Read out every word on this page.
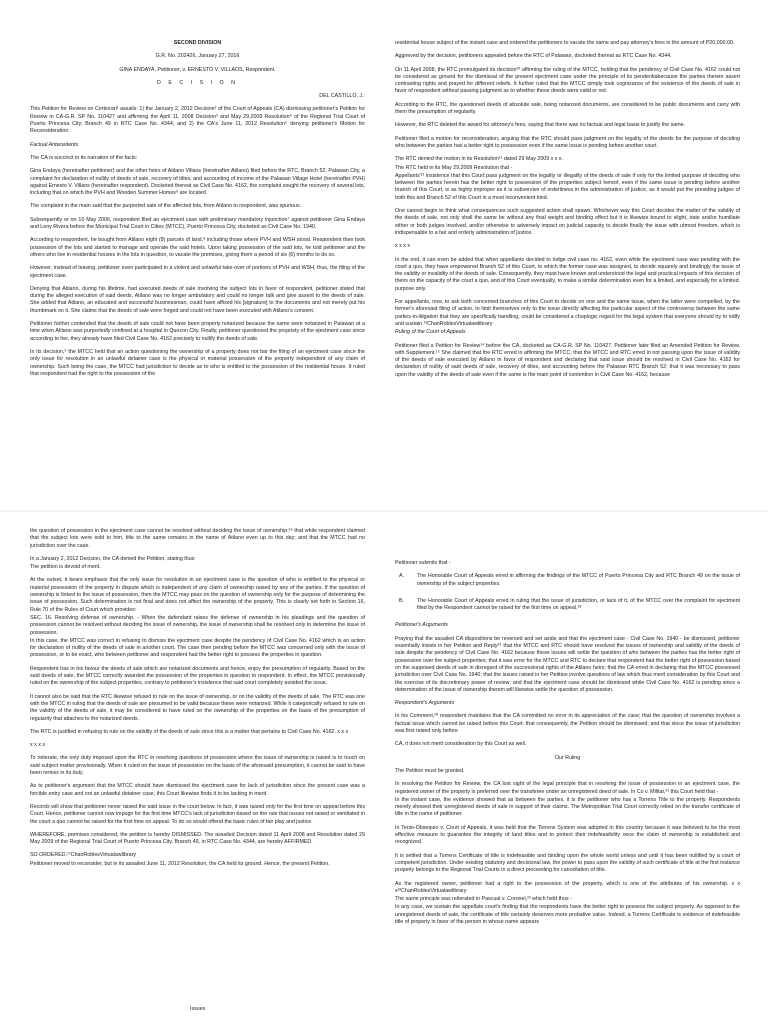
SECOND DIVISION

G.R. No. 202426, January 27, 2016

GINA ENDAYA, Petitioner, v. ERNESTO V. VILLAOS, Respondent.

D E C I S I O N

DEL CASTILLO, J.:

This Petition for Review on Certiorari¹ assails: 1) the January 2, 2012 Decision² of the Court of Appeals (CA) dismissing petitioner's Petition for Review in CA-G.R. SP No. 110427 and affirming the April 11, 2008 Decision³ and May 29,2009 Resolution⁴ of the Regional Trial Court of Puerto Princesa City, Branch 49 in RTC Case No. 4344; and 2) the CA's June 11, 2012 Resolution⁵ denying petitioner's Motion for Reconsideration.

Factual Antecedents

The CA is succinct in its narration of the facts:

Gina Endaya (hereinafter petitioner) and the other heirs of Atilano Villaos (hereinafter Atilano) filed before the RTC, Branch 52, Palawan City, a complaint for declaration of nullity of deeds of sale, recovery of titles, and accounting of income of the Palawan Village Hotel (hereinafter PVH) against Ernesto V. Villaos (hereinafter respondent). Docketed thereat as Civil Case No. 4162, the complaint sought the recovery of several lots, including that on which the PVH and Wooden Summer Homes⁶ are located.

The complaint in the main said that the purported sale of the affected lots, from Atilano to respondent, was spurious.

Subsequently or on 10 May 2006, respondent filed an ejectment case with preliminary mandatory injunction⁷ against petitioner Gina Endaya and Leny Rivera before the Municipal Trial Court in Cities (MTCC), Puerto Princesa City, docketed as Civil Case No. 1940.

According to respondent, he bought from Atilano eight (8) parcels of land,⁸ including those where PVH and WSH stood. Respondent then took possession of the lots and started to manage and operate the said hotels. Upon taking possession of the said lots, he told petitioner and the others who live in residential houses in the lots in question, to vacate the premises, giving them a period of six (6) months to do so.

However, instead of leaving, petitioner even participated in a violent and unlawful take-over of portions of PVH and WSH, thus, the filing of the ejectment case.

Denying that Atilano, during his lifetime, had executed deeds of sale involving the subject lots in favor of respondent, petitioner stated that during the alleged execution of said deeds, Atilano was no longer ambulatory and could no longer talk and give assent to the deeds of sale. She added that Atilano, an educated and successful businessman, could have affixed his [signature] to the documents and not merely put his thumbmark on it. She claims that the deeds of sale were forged and could not have been executed with Atilano's consent.

Petitioner further contended that the deeds of sale could not have been properly notarized because the same were notarized in Palawan at a time when Atilano was purportedly confined at a hospital in Quezon City. Finally, petitioner questioned the propriety of the ejectment case since according to her, they already have filed Civil Case No. 4162 precisely to nullify the deeds of sale.

In its decision,⁹ the MTCC held that an action questioning the ownership of a property does not bar the filing of an ejectment case since the only issue for resolution in an unlawful detainer case is the physical or material possession of the property independent of any claim of ownership. Such being the case, the MTCC had jurisdiction to decide as to who is entitled to the possession of the residential house. It ruled that respondent had the right to the possession of the

residential house subject of the instant case and ordered the petitioners to vacate the same and pay attorney's fees in the amount of P20,000.00.

Aggrieved by the decision, petitioners appealed before the RTC of Palawan, docketed thereat as RTC Case No. 4344.

On 11 April 2008, the RTC promulgated its decision¹⁰ affirming the ruling of the MTCC, holding that the pendency of Civil Case No. 4162 could not be considered as ground for the dismissal of the present ejectment case under the principle of lis pendentiabecause the parties therein assert contrasting rights and prayed for different reliefs. It further ruled that the MTCC simply took cognizance of the existence of the deeds of sale in favor of respondent without passing judgment as to whether these deeds were valid or not.

According to the RTC, the questioned deeds of absolute sale, being notarized documents, are considered to be public documents and carry with them the presumption of regularity.

However, the RTC deleted the award for attorney's fees, saying that there was no factual and legal basis to justify the same.

Petitioner filed a motion for reconsideration, arguing that the RTC should pass judgment on the legality of the deeds for the purpose of deciding who between the parties has a better right to possession even if the same issue is pending before another court.

The RTC denied the motion in its Resolution¹¹ dated 29 May 2009 x x x.

The RTC held in its May 29,2009 Resolution that -

Appellants'¹² insistence that this Court pass judgment on the legality or illegality of the deeds of sale if only for the limited purpose of deciding who between the parties herein has the better right to possession of the properties subject hereof, even if the same issue is pending before another branch of this Court, is as highly improper as it is subversive of orderliness in the administration of justice, as it would put the presiding judges of both this and Branch 52 of this Court in a most inconvenient bind.

One cannot begin to think what consequences such suggested action shall spawn. Whichever way this Court decides the matter of the validity of the deeds of sale, not only shall the same be without any final weight and binding effect but it is likewise bound to slight, irate and/or humiliate either or both judges involved, and/or otherwise to adversely impact on judicial capacity to decide finally the issue with utmost freedom, which is indispensable to a fair and orderly administration of justice.

x x x x

In the end, it can even be added that when appellants decided to lodge civil case no. 4162, even while the ejectment case was pending with the court a quo, they have empowered Branch 52 of this Court, to which the former case was assigned, to decide squarely and bindingly the issue of the validity or invalidity of the deeds of sale. Consequently, they must have known and understood the legal and practical impacts of this decision of theirs on the capacity of the court a quo, and of this Court eventually, to make a similar determination even for a limited, and especially for a limited, purpose only.

For appellants, now, to ask both concerned branches of this Court to decide on one and the same issue, when the latter were compelled, by the former's aforesaid filing of action, to limit themselves only to the issue directly affecting the particular aspect of the controversy between the same parties-in-litigation that they are specifically handling, could be considered a choplogic regard for the legal system that everyone should try to edify and sustain.¹³ChanRoblesVirtualawlibrary

Ruling of the Court of Appeals

Petitioner filed a Petition for Review¹⁴ before the CA, docketed as CA-G.R. SP No. 110427. Petitioner later filed an Amended Petition for Review, with Supplement.¹⁵ She claimed that the RTC erred in affirming the MTCC; that the MTCC and RTC erred in not passing upon the issue of validity of the deeds of sale executed by Atilano in favor of respondent and declaring that said issue should be resolved in Civil Case No. 4162 for declaration of nullity of said deeds of sale, recovery of titles, and accounting before the Palawan RTC Branch 52; that it was necessary to pass upon the validity of the deeds of sale even if the same is the main point of contention in Civil Case No. 4162, because

the question of possession in the ejectment case cannot be resolved without deciding the issue of ownership;¹⁶ that while respondent claimed that the subject lots were sold to him, title to the same remains in the name of Atilano even up to this day; and that the MTCC had no jurisdiction over the case.

In a January 2, 2012 Decision, the CA denied the Petition, stating thus:

The petition is devoid of merit.

At the outset, it bears emphasis that the only issue for resolution in an ejectment case is the question of who is entitled to the physical or material possession of the property in dispute which is independent of any claim of ownership raised by any of the parties. If the question of ownership is linked to the issue of possession, then the MTCC may pass on the question of ownership only for the purpose of determining the issue of possession. Such determination is not final and does not affect the ownership of the property. This is clearly set forth in Section 16, Rule 70 of the Rules of Court which provides:

SEC. 16. Resolving defense of ownership. - When the defendant raises the defense of ownership in his pleadings and the question of possession cannot be resolved without deciding the issue of ownership, the issue of ownership shall be resolved only to determine the issue of possession.

In this case, the MTCC was correct in refusing to dismiss the ejectment case despite the pendency of Civil Case No. 4162 which is an action for declaration of nullity of the deeds of sale in another court. The case then pending before the MTCC was concerned only with the issue of possession, or to be exact, who between petitioner and respondent had the better right to possess the properties in question.

Respondent has in his favour the deeds of sale which are notarized documents and hence, enjoy the presumption of regularity. Based on the said deeds of sale, the MTCC correctly awarded the possession of the properties in question to respondent. In effect, the MTCC provisionally ruled on the ownership of the subject properties, contrary to petitioner's insistence that said court completely avoided the issue.

It cannot also be said that the RTC likewise refused to rule on the issue of ownership, or on the validity of the deeds of sale. The RTC was one with the MTCC in ruling that the deeds of sale are presumed to be valid because these were notarized. While it categorically refused to rule on the validity of the deeds of sale, it may be considered to have ruled on the ownership of the properties on the basis of the presumption of regularity that attaches to the notarized deeds.

The RTC is justified in refusing to rule on the validity of the deeds of sale since this is a matter that pertains to Civil Case No. 4162. x x x

x x x x

To reiterate, the only duty imposed upon the RTC in resolving questions of possession where the issue of ownership is raised is to touch on said subject matter provisionally. When it ruled on the issue of possession on the basis of the aforesaid presumption, it cannot be said to have been remiss in its duty.

As to petitioner's argument that the MTCC should have dismissed the ejectment case for lack of jurisdiction since the present case was a forcible entry case and not an unlawful detainer case, this Court likewise finds it to be lacking in merit.

Records will show that petitioner never raised the said issue in the court below. In fact, it was raised only for the first time on appeal before this Court. Hence, petitioner cannot now impugn for the first time MTCC's lack of jurisdiction based on the rule that issues not raised or ventilated in the court a quo cannot be raised for the first time on appeal. To do so would offend the basic rules of fair play and justice.

WHEREFORE, premises considered, the petition is hereby DISMISSED. The assailed Decision dated 11 April 2008 and Resolution dated 29 May 2009 of the Regional Trial Court of Puerto Princesa City, Branch 49, in RTC Case No. 4344, are hereby AFFIRMED.

SO ORDERED.¹⁷ChanRoblesVirtualawlibrary

Petitioner moved to reconsider, but in its assailed June 11, 2012 Resolution, the CA held its ground. Hence, the present Petition.

Issues

Petitioner submits that -

A.	The Honorable Court of Appeals erred in affirming the findings of the MTCC of Puerto Princesa City and RTC Branch 49 on the issue of ownership of the subject properties.
B.	The Honorable Court of Appeals erred in ruling that the issue of jurisdiction, or lack of it, of the MTCC over the complaint for ejectment filed by the Respondent cannot be raised for the first time on appeal.¹⁸

Petitioner's Arguments

Praying that the assailed CA dispositions be reversed and set aside and that the ejectment case - Civil Case No. 1940 - be dismissed, petitioner essentially insists in her Petition and Reply¹⁹ that the MTCC and RTC should have resolved the issues of ownership and validity of the deeds of sale despite the pendency of Civil Case No. 4162 because these issues will settle the question of who between the parties has the better right of possession over the subject properties; that it was error for the MTCC and RTC to declare that respondent had the better right of possession based on the supposed deeds of sale in disregard of the successional rights of the Atilano heirs; that the CA erred in declaring that the MTCC possessed jurisdiction over Civil Case No. 1940; that the issues raised in her Petition involve questions of law which thus merit consideration by this Court and the exercise of its discretionary power of review; and that the ejectment case should be dismissed while Civil Case No. 4162 is pending since a determination of the issue of ownership therein will likewise settle the question of possession.

Respondent's Arguments

In his Comment,²⁰ respondent maintains that the CA committed no error in its appreciation of the case; that the question of ownership involves a factual issue which cannot be raised before this Court; that consequently, the Petition should be dismissed; and that since the issue of jurisdiction was first raised only before

CA, it does not merit consideration by this Court as well.

Our Ruling

The Petition must be granted.

In resolving the Petition for Review, the CA lost sight of the legal principle that in resolving the issue of possession in an ejectment case, the registered owner of the property is preferred over the transferee under an unregistered deed of sale. In Co v. Militar,²¹ this Court held that -

In the instant case, the evidence showed that as between the parties, it is the petitioner who has a Torrens Title to the property. Respondents merely showed their unregistered deeds of sale in support of their claims. The Metropolitan Trial Court correctly relied on the transfer certificate of title in the name of petitioner.

In Tenio-Obsequio v. Court of Appeals, it was held that the Torrens System was adopted in this country because it was believed to be the most effective measure to guarantee the integrity of land titles and to protect their indefeasibility once the claim of ownership is established and recognized.

It is settled that a Torrens Certificate of title is indefeasible and binding upon the whole world unless and until it has been nullified by a court of competent jurisdiction. Under existing statutory and decisional law, the power to pass upon the validity of such certificate of title at the first instance properly belongs to the Regional Trial Courts in a direct proceeding for cancellation of title.

As the registered owner, petitioner had a right to the possession of the property, which is one of the attributes of his ownership. x x x²²ChanRoblesVirtualawlibrary

The same principle was reiterated in Pascual v. Coronel,²³ which held thus -

In any case, we sustain the appellate court's finding that the respondents have the better right to possess the subject property. As opposed to the unregistered deeds of sale, the certificate of title certainly deserves more probative value. Indeed, a Torrens Certificate is evidence of indefeasible title of property in favor of the person in whose name appears
